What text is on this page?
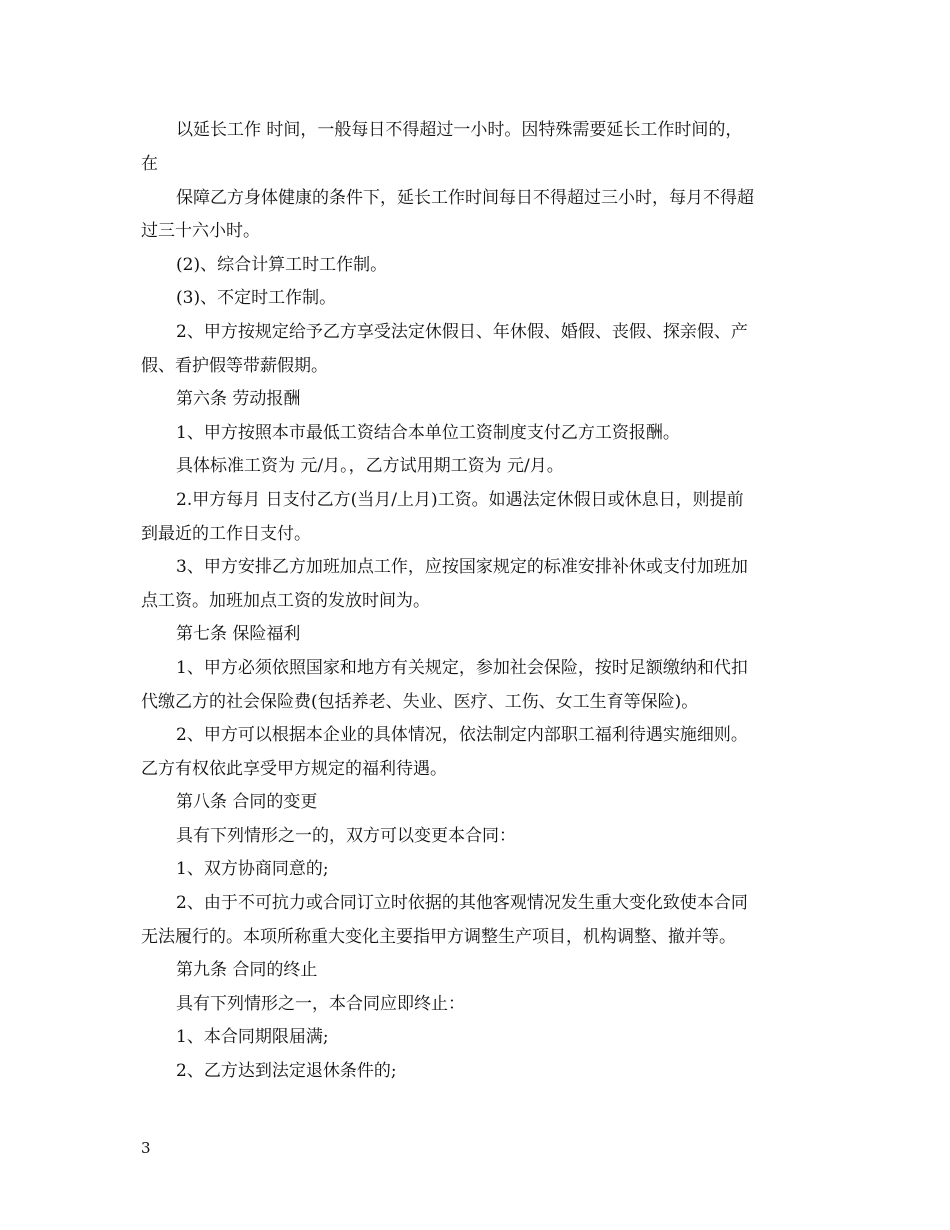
以延长工作 时间，一般每日不得超过一小时。因特殊需要延长工作时间的，
在
保障乙方身体健康的条件下，延长工作时间每日不得超过三小时，每月不得超
过三十六小时。
(2)、综合计算工时工作制。
(3)、不定时工作制。
2、甲方按规定给予乙方享受法定休假日、年休假、婚假、丧假、探亲假、产
假、看护假等带薪假期。
第六条 劳动报酬
1、甲方按照本市最低工资结合本单位工资制度支付乙方工资报酬。
具体标准工资为 元/月。，乙方试用期工资为 元/月。
2.甲方每月 日支付乙方(当月/上月)工资。如遇法定休假日或休息日，则提前
到最近的工作日支付。
3、甲方安排乙方加班加点工作，应按国家规定的标准安排补休或支付加班加
点工资。加班加点工资的发放时间为。
第七条 保险福利
1、甲方必须依照国家和地方有关规定，参加社会保险，按时足额缴纳和代扣
代缴乙方的社会保险费(包括养老、失业、医疗、工伤、女工生育等保险)。
2、甲方可以根据本企业的具体情况，依法制定内部职工福利待遇实施细则。
乙方有权依此享受甲方规定的福利待遇。
第八条 合同的变更
具有下列情形之一的，双方可以变更本合同：
1、双方协商同意的;
2、由于不可抗力或合同订立时依据的其他客观情况发生重大变化致使本合同
无法履行的。本项所称重大变化主要指甲方调整生产项目，机构调整、撤并等。
第九条 合同的终止
具有下列情形之一，本合同应即终止：
1、本合同期限届满;
2、乙方达到法定退休条件的;
3
